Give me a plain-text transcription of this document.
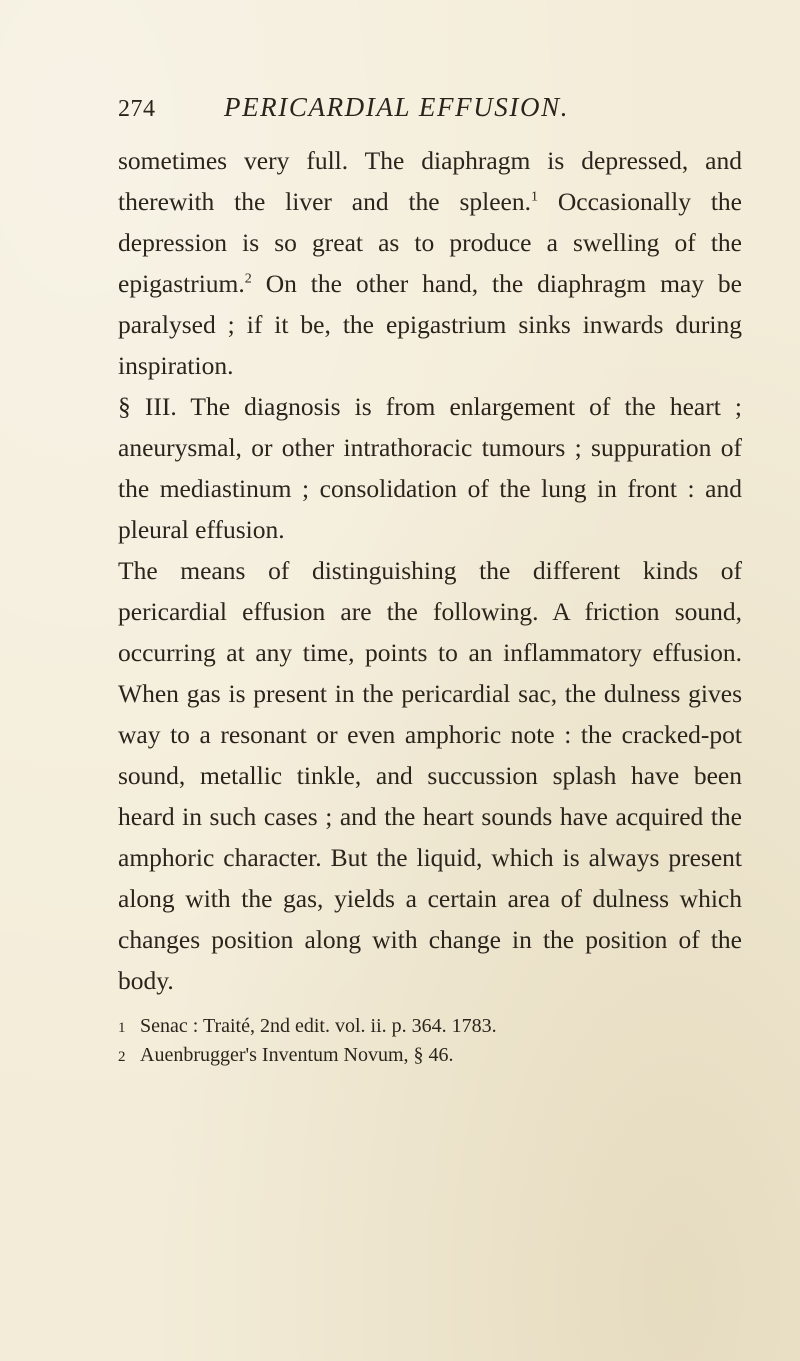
274	PERICARDIAL EFFUSION.

sometimes very full. The diaphragm is depressed, and therewith the liver and the spleen.$^1$ Occasionally the depression is so great as to produce a swelling of the epigastrium.$^2$ On the other hand, the diaphragm may be paralysed ; if it be, the epigastrium sinks inwards during inspiration.

§ III. The diagnosis is from enlargement of the heart ; aneurysmal, or other intrathoracic tumours ; suppuration of the mediastinum ; consolidation of the lung in front : and pleural effusion.

The means of distinguishing the different kinds of pericardial effusion are the following. A friction sound, occurring at any time, points to an inflammatory effusion. When gas is present in the pericardial sac, the dulness gives way to a resonant or even amphoric note : the cracked-pot sound, metallic tinkle, and succussion splash have been heard in such cases ; and the heart sounds have acquired the amphoric character. But the liquid, which is always present along with the gas, yields a certain area of dulness which changes position along with change in the position of the body.

1 Senac : Traité, 2nd edit. vol. ii. p. 364. 1783.
2 Auenbrugger's Inventum Novum, § 46.
